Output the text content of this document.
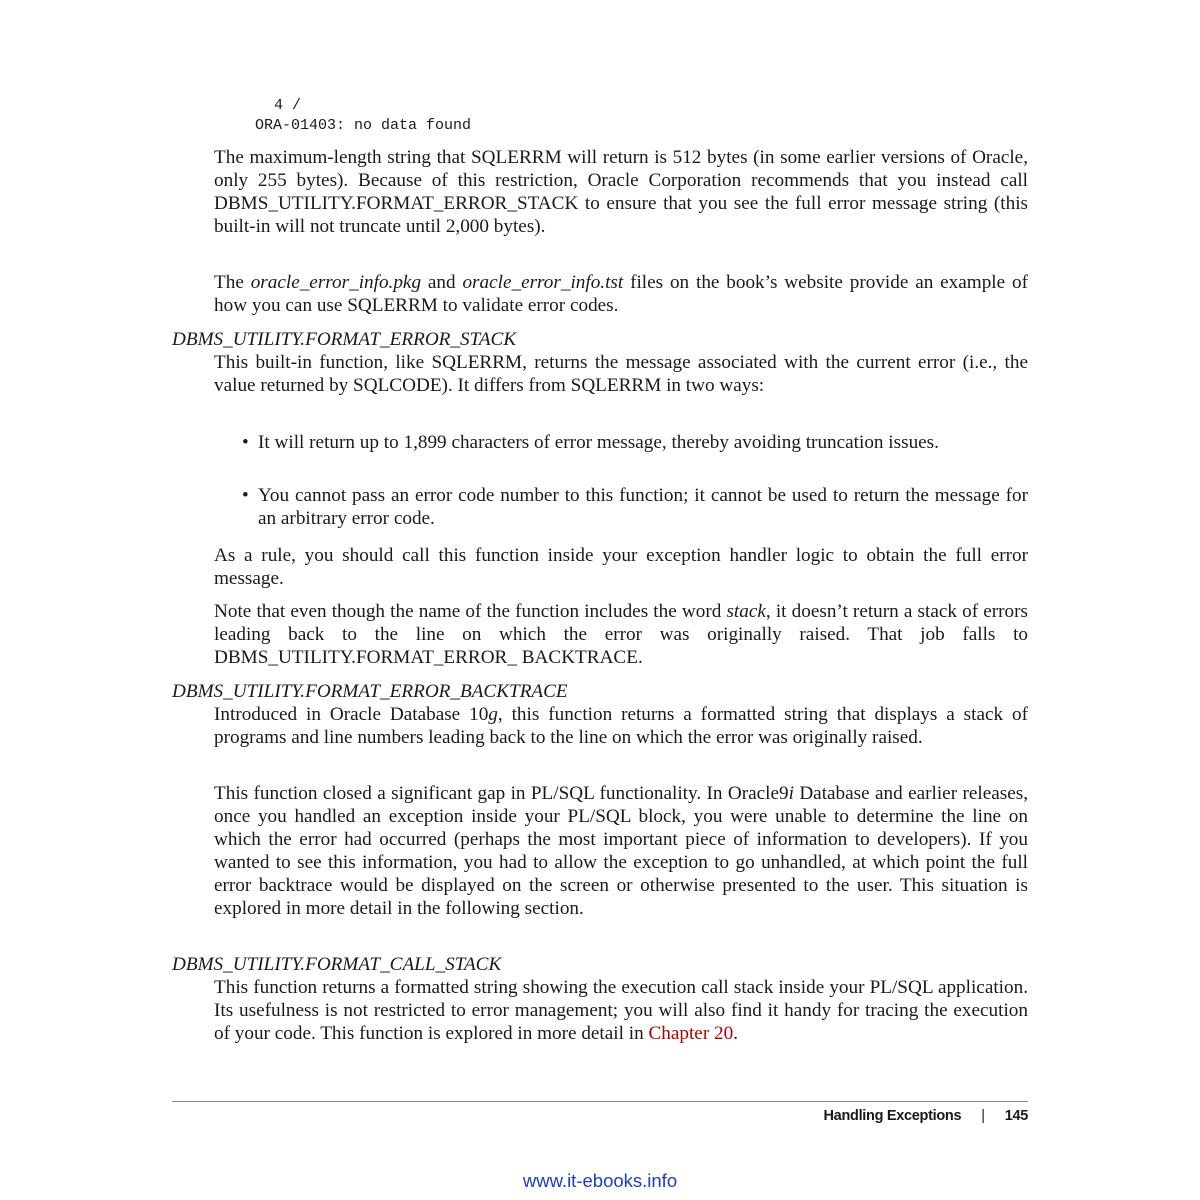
4 /
ORA-01403: no data found

The maximum-length string that SQLERRM will return is 512 bytes (in some earlier versions of Oracle, only 255 bytes). Because of this restriction, Oracle Corporation recommends that you instead call DBMS_UTILITY.FORMAT_ERROR_STACK to ensure that you see the full error message string (this built-in will not truncate until 2,000 bytes).

The oracle_error_info.pkg and oracle_error_info.tst files on the book’s website provide an example of how you can use SQLERRM to validate error codes.

DBMS_UTILITY.FORMAT_ERROR_STACK

This built-in function, like SQLERRM, returns the message associated with the current error (i.e., the value returned by SQLCODE). It differs from SQLERRM in two ways:

• It will return up to 1,899 characters of error message, thereby avoiding truncation issues.
• You cannot pass an error code number to this function; it cannot be used to return the message for an arbitrary error code.

As a rule, you should call this function inside your exception handler logic to obtain the full error message.

Note that even though the name of the function includes the word stack, it doesn’t return a stack of errors leading back to the line on which the error was originally raised. That job falls to DBMS_UTILITY.FORMAT_ERROR_ BACKTRACE.

DBMS_UTILITY.FORMAT_ERROR_BACKTRACE

Introduced in Oracle Database 10g, this function returns a formatted string that displays a stack of programs and line numbers leading back to the line on which the error was originally raised.

This function closed a significant gap in PL/SQL functionality. In Oracle9i Database and earlier releases, once you handled an exception inside your PL/SQL block, you were unable to determine the line on which the error had occurred (perhaps the most important piece of information to developers). If you wanted to see this information, you had to allow the exception to go unhandled, at which point the full error backtrace would be displayed on the screen or otherwise presented to the user. This situation is explored in more detail in the following section.

DBMS_UTILITY.FORMAT_CALL_STACK

This function returns a formatted string showing the execution call stack inside your PL/SQL application. Its usefulness is not restricted to error management; you will also find it handy for tracing the execution of your code. This function is explored in more detail in Chapter 20.

Handling Exceptions | 145
www.it-ebooks.info
